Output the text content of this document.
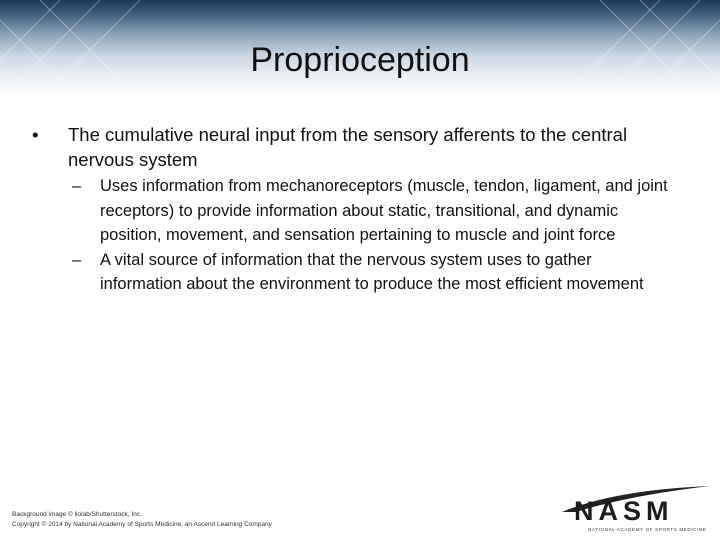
Proprioception
• The cumulative neural input from the sensory afferents to the central nervous system
– Uses information from mechanoreceptors (muscle, tendon, ligament, and joint receptors) to provide information about static, transitional, and dynamic position, movement, and sensation pertaining to muscle and joint force
– A vital source of information that the nervous system uses to gather information about the environment to produce the most efficient movement
Background image © liolab/Shutterstock, Inc.
Copyright © 2014 by National Academy of Sports Medicine, an Ascend Learning Company	NASM
NATIONAL ACADEMY OF SPORTS MEDICINE
